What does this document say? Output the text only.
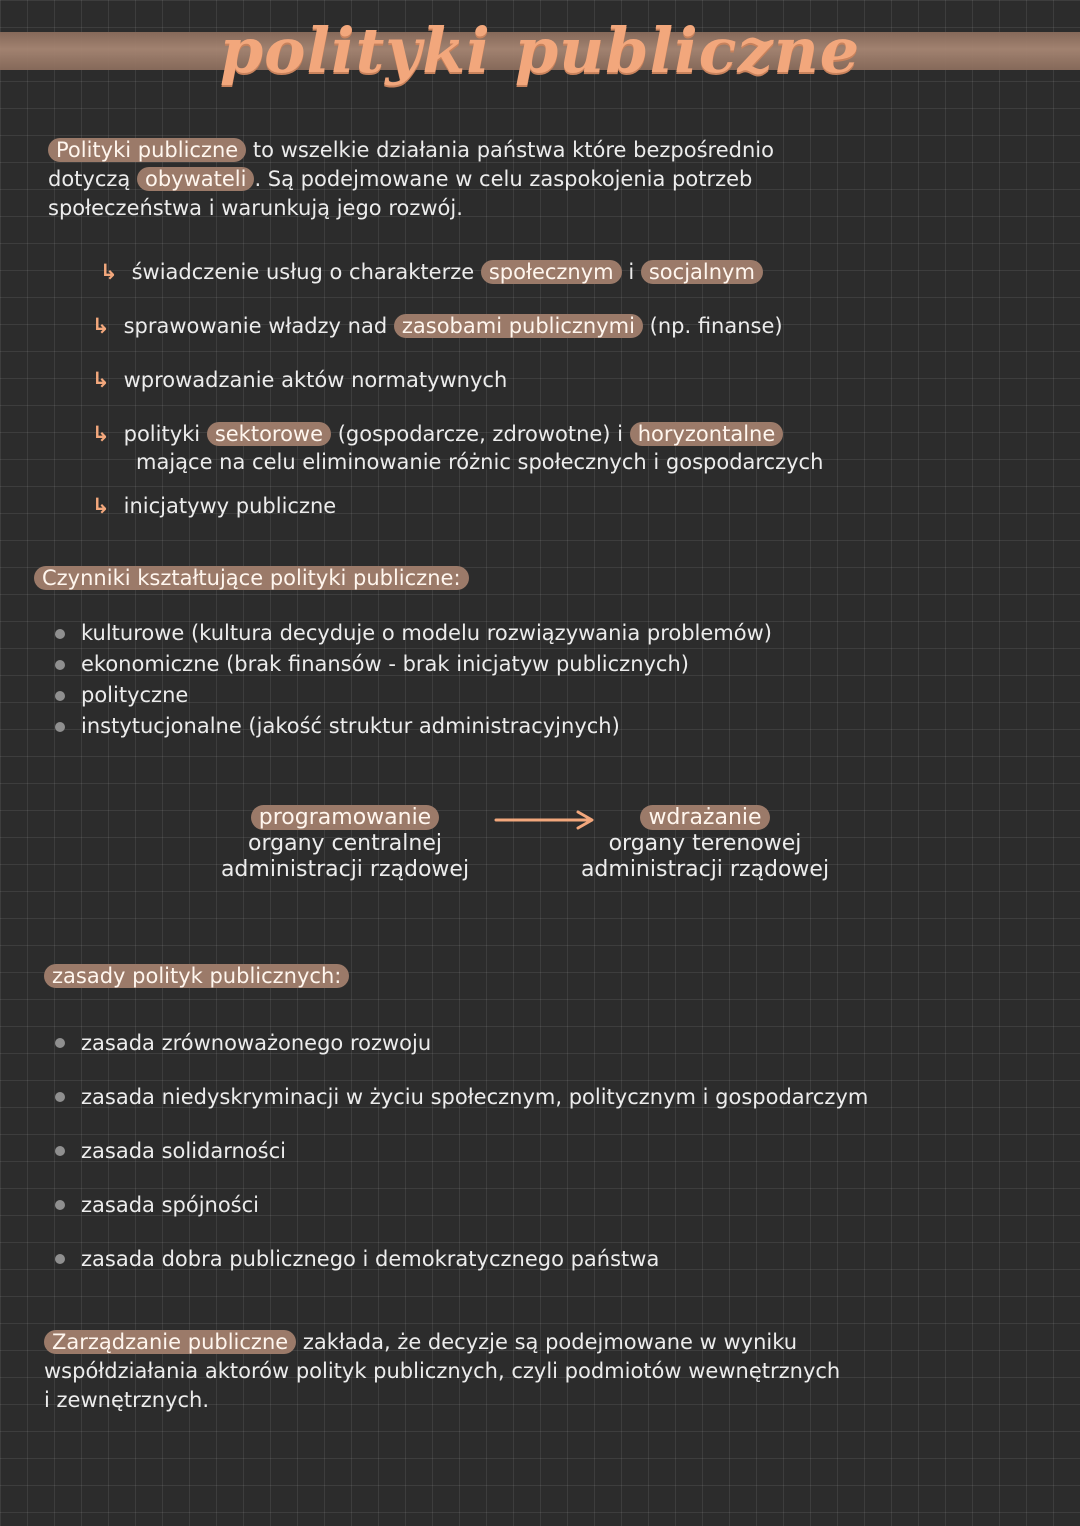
polityki publiczne
Polityki publiczne to wszelkie działania państwa które bezpośrednio
dotyczą obywateli . Są podejmowane w celu zaspokojenia potrzeb
społeczeństwa i warunkują jego rozwój.
↳ świadczenie usług o charakterze społecznym i socjalnym
↳ sprawowanie władzy nad zasobami publicznymi (np. finanse)
↳ wprowadzanie aktów normatywnych
↳ polityki sektorowe (gospodarcze, zdrowotne) i horyzontalne
mające na celu eliminowanie różnic społecznych i gospodarczych
↳ inicjatywy publiczne
Czynniki kształtujące polityki publiczne:
kulturowe (kultura decyduje o modelu rozwiązywania problemów)
ekonomiczne (brak finansów - brak inicjatyw publicznych)
polityczne
instytucjonalne (jakość struktur administracyjnych)
programowanie
organy centralnej
administracji rządowej
wdrażanie
organy terenowej
administracji rządowej
zasady polityk publicznych:
zasada zrównoważonego rozwoju
zasada niedyskryminacji w życiu społecznym, politycznym i gospodarczym
zasada solidarności
zasada spójności
zasada dobra publicznego i demokratycznego państwa
Zarządzanie publiczne zakłada, że decyzje są podejmowane w wyniku
współdziałania aktorów polityk publicznych, czyli podmiotów wewnętrznych
i zewnętrznych.
